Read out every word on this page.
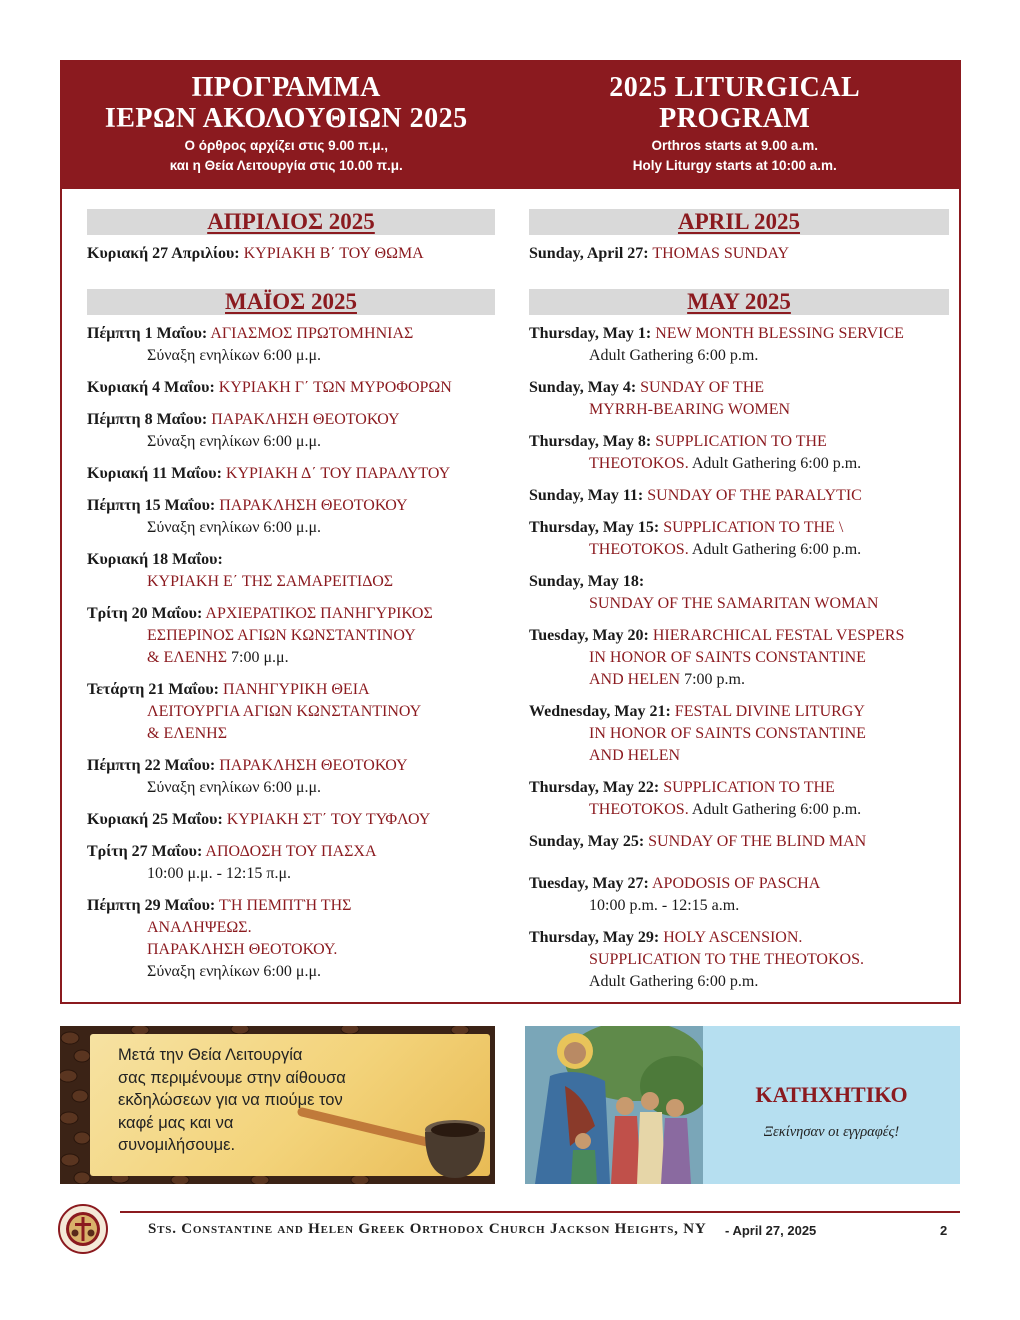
ΠΡΟΓΡΑΜΜΑ
ΙΕΡΩΝ ΑΚΟΛΟΥΘΙΩΝ 2025
Ο όρθρος αρχίζει στις 9.00 π.μ.,
και η Θεία Λειτουργία στις 10.00 π.μ.
2025 LITURGICAL
PROGRAM
Orthros starts at 9.00 a.m.
Holy Liturgy starts at 10:00 a.m.
ΑΠΡΙΛΙΟΣ 2025
Κυριακή 27 Απριλίου: ΚΥΡΙΑΚΗ Β΄ ΤΟΥ ΘΩΜΑ
ΜΑΪΟΣ 2025
Πέμπτη 1 Μαΐου: ΑΓΙΑΣΜΟΣ ΠΡΩΤΟΜΗΝΙΑΣ
Σύναξη ενηλίκων 6:00 μ.μ.
Κυριακή 4 Μαΐου: ΚΥΡΙΑΚΗ Γ΄ ΤΩΝ ΜΥΡΟΦΟΡΩΝ
Πέμπτη 8 Μαΐου: ΠΑΡΑΚΛΗΣΗ ΘΕΟΤΟΚΟΥ
Σύναξη ενηλίκων 6:00 μ.μ.
Κυριακή 11 Μαΐου: ΚΥΡΙΑΚΗ Δ΄ ΤΟΥ ΠΑΡΑΛΥΤΟΥ
Πέμπτη 15 Μαΐου: ΠΑΡΑΚΛΗΣΗ ΘΕΟΤΟΚΟΥ
Σύναξη ενηλίκων 6:00 μ.μ.
Κυριακή 18 Μαΐου:
ΚΥΡΙΑΚΗ Ε΄ ΤΗΣ ΣΑΜΑΡΕΙΤΙΔΟΣ
Τρίτη 20 Μαΐου: ΑΡΧΙΕΡΑΤΙΚΟΣ ΠΑΝΗΓΥΡΙΚΟΣ
ΕΣΠΕΡΙΝΟΣ ΑΓΙΩΝ ΚΩΝΣΤΑΝΤΙΝΟΥ
& ΕΛΕΝΗΣ 7:00 μ.μ.
Τετάρτη 21 Μαΐου: ΠΑΝΗΓΥΡΙΚΗ ΘΕΙΑ
ΛΕΙΤΟΥΡΓΙΑ ΑΓΙΩΝ ΚΩΝΣΤΑΝΤΙΝΟΥ
& ΕΛΕΝΗΣ
Πέμπτη 22 Μαΐου: ΠΑΡΑΚΛΗΣΗ ΘΕΟΤΟΚΟΥ
Σύναξη ενηλίκων 6:00 μ.μ.
Κυριακή 25 Μαΐου: ΚΥΡΙΑΚΗ ΣΤ΄ ΤΟΥ ΤΥΦΛΟΥ
Τρίτη 27 Μαΐου: ΑΠΟΔΟΣΗ ΤΟΥ ΠΑΣΧΑ
10:00 μ.μ. - 12:15 π.μ.
Πέμπτη 29 Μαΐου: ΤῊ ΠΕΜΠΤῊ ΤΗΣ
ΑΝΑΛΗΨΕΩΣ.
ΠΑΡΑΚΛΗΣΗ ΘΕΟΤΟΚΟΥ.
Σύναξη ενηλίκων 6:00 μ.μ.
APRIL 2025
Sunday, April 27: THOMAS SUNDAY
MAY 2025
Thursday, May 1: NEW MONTH BLESSING SERVICE
Adult Gathering 6:00 p.m.
Sunday, May 4: SUNDAY OF THE
MYRRH-BEARING WOMEN
Thursday, May 8: SUPPLICATION TO THE
THEOTOKOS. Adult Gathering 6:00 p.m.
Sunday, May 11: SUNDAY OF THE PARALYTIC
Thursday, May 15: SUPPLICATION TO THE \
THEOTOKOS. Adult Gathering 6:00 p.m.
Sunday, May 18:
SUNDAY OF THE SAMARITAN WOMAN
Tuesday, May 20: HIERARCHICAL FESTAL VESPERS
IN HONOR OF SAINTS CONSTANTINE
AND HELEN 7:00 p.m.
Wednesday, May 21: FESTAL DIVINE LITURGY
IN HONOR OF SAINTS CONSTANTINE
AND HELEN
Thursday, May 22: SUPPLICATION TO THE
THEOTOKOS. Adult Gathering 6:00 p.m.
Sunday, May 25: SUNDAY OF THE BLIND MAN
Tuesday, May 27: APODOSIS OF PASCHA
10:00 p.m. - 12:15 a.m.
Thursday, May 29: HOLY ASCENSION.
SUPPLICATION TO THE THEOTOKOS.
Adult Gathering 6:00 p.m.
Μετά την Θεία Λειτουργία
σας περιμένουμε στην αίθουσα
εκδηλώσεων για να πιούμε τον
καφέ μας και να
συνομιλήσουμε.
ΚΑΤΗΧΗΤΙΚΟ
Ξεκίνησαν οι εγγραφές!
Sts. Constantine and Helen Greek Orthodox Church Jackson Heights, NY - April 27, 2025	2
